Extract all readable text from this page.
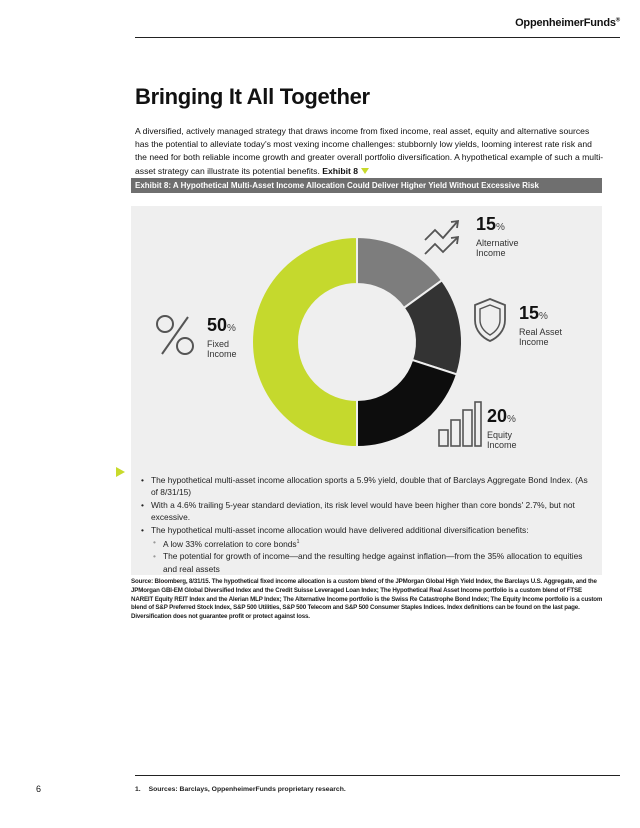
OppenheimerFunds®
Bringing It All Together

A diversified, actively managed strategy that draws income from fixed income, real asset, equity and alternative sources has the potential to alleviate today's most vexing income challenges: stubbornly low yields, looming interest rate risk and the need for both reliable income growth and greater overall portfolio diversification. A hypothetical example of such a multi-asset strategy can illustrate its potential benefits. Exhibit 8

Exhibit 8: A Hypothetical Multi-Asset Income Allocation Could Deliver Higher Yield Without Excessive Risk
50%
Fixed
Income
15%
Alternative
Income
15%
Real Asset
Income
20%
Equity
Income
• The hypothetical multi-asset income allocation sports a 5.9% yield, double that of Barclays Aggregate Bond Index. (As of 8/31/15)
• With a 4.6% trailing 5-year standard deviation, its risk level would have been higher than core bonds' 2.7%, but not excessive.
• The hypothetical multi-asset income allocation would have delivered additional diversification benefits:
• A low 33% correlation to core bonds$^1$
• The potential for growth of income—and the resulting hedge against inflation—from the 35% allocation to equities and real assets

Source: Bloomberg, 8/31/15. The hypothetical fixed income allocation is a custom blend of the JPMorgan Global High Yield Index, the Barclays U.S. Aggregate, and the JPMorgan GBI-EM Global Diversified Index and the Credit Suisse Leveraged Loan Index; The Hypothetical Real Asset Income portfolio is a custom blend of FTSE NAREIT Equity REIT Index and the Alerian MLP Index; The Alternative Income portfolio is the Swiss Re Catastrophe Bond Index; The Equity Income portfolio is a custom blend of S&P Preferred Stock Index, S&P 500 Utilities, S&P 500 Telecom and S&P 500 Consumer Staples Indices. Index definitions can be found on the last page. Diversification does not guarantee profit or protect against loss.

6	1. Sources: Barclays, OppenheimerFunds proprietary research.
